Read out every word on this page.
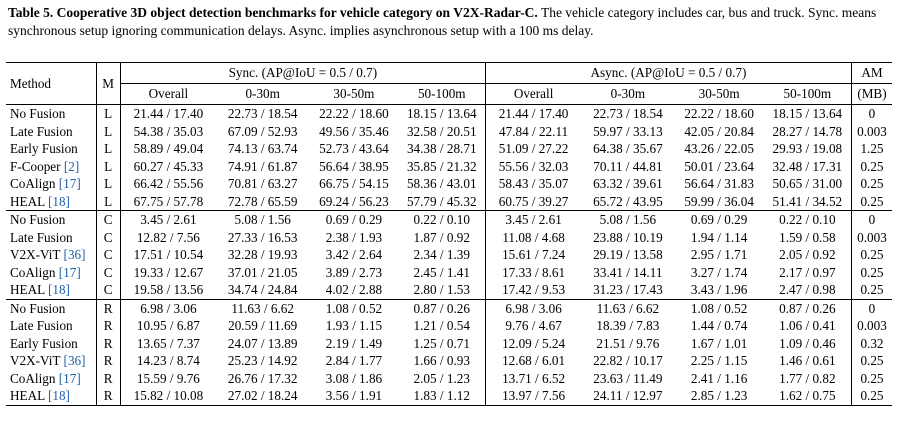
Table 5. Cooperative 3D object detection benchmarks for vehicle category on V2X-Radar-C. The vehicle category includes car, bus and truck. Sync. means synchronous setup ignoring communication delays. Async. implies asynchronous setup with a 100 ms delay.
Method	M	Sync. (AP@IoU = 0.5 / 0.7)				Async. (AP@IoU = 0.5 / 0.7)				AM
		Overall	0-30m	30-50m	50-100m	Overall	0-30m	30-50m	50-100m	(MB)
No Fusion	L	21.44 / 17.40	22.73 / 18.54	22.22 / 18.60	18.15 / 13.64	21.44 / 17.40	22.73 / 18.54	22.22 / 18.60	18.15 / 13.64	0
Late Fusion	L	54.38 / 35.03	67.09 / 52.93	49.56 / 35.46	32.58 / 20.51	47.84 / 22.11	59.97 / 33.13	42.05 / 20.84	28.27 / 14.78	0.003
Early Fusion	L	58.89 / 49.04	74.13 / 63.74	52.73 / 43.64	34.38 / 28.71	51.09 / 27.22	64.38 / 35.67	43.26 / 22.05	29.93 / 19.08	1.25
F-Cooper [2]	L	60.27 / 45.33	74.91 / 61.87	56.64 / 38.95	35.85 / 21.32	55.56 / 32.03	70.11 / 44.81	50.01 / 23.64	32.48 / 17.31	0.25
CoAlign [17]	L	66.42 / 55.56	70.81 / 63.27	66.75 / 54.15	58.36 / 43.01	58.43 / 35.07	63.32 / 39.61	56.64 / 31.83	50.65 / 31.00	0.25
HEAL [18]	L	67.75 / 57.78	72.78 / 65.59	69.24 / 56.23	57.79 / 45.32	60.75 / 39.27	65.72 / 43.95	59.99 / 36.04	51.41 / 34.52	0.25
No Fusion	C	3.45 / 2.61	5.08 / 1.56	0.69 / 0.29	0.22 / 0.10	3.45 / 2.61	5.08 / 1.56	0.69 / 0.29	0.22 / 0.10	0
Late Fusion	C	12.82 / 7.56	27.33 / 16.53	2.38 / 1.93	1.87 / 0.92	11.08 / 4.68	23.88 / 10.19	1.94 / 1.14	1.59 / 0.58	0.003
V2X-ViT [36]	C	17.51 / 10.54	32.28 / 19.93	3.42 / 2.64	2.34 / 1.39	15.61 / 7.24	29.19 / 13.58	2.95 / 1.71	2.05 / 0.92	0.25
CoAlign [17]	C	19.33 / 12.67	37.01 / 21.05	3.89 / 2.73	2.45 / 1.41	17.33 / 8.61	33.41 / 14.11	3.27 / 1.74	2.17 / 0.97	0.25
HEAL [18]	C	19.58 / 13.56	34.74 / 24.84	4.02 / 2.88	2.80 / 1.53	17.42 / 9.53	31.23 / 17.43	3.43 / 1.96	2.47 / 0.98	0.25
No Fusion	R	6.98 / 3.06	11.63 / 6.62	1.08 / 0.52	0.87 / 0.26	6.98 / 3.06	11.63 / 6.62	1.08 / 0.52	0.87 / 0.26	0
Late Fusion	R	10.95 / 6.87	20.59 / 11.69	1.93 / 1.15	1.21 / 0.54	9.76 / 4.67	18.39 / 7.83	1.44 / 0.74	1.06 / 0.41	0.003
Early Fusion	R	13.65 / 7.37	24.07 / 13.89	2.19 / 1.49	1.25 / 0.71	12.09 / 5.24	21.51 / 9.76	1.67 / 1.01	1.09 / 0.46	0.32
V2X-ViT [36]	R	14.23 / 8.74	25.23 / 14.92	2.84 / 1.77	1.66 / 0.93	12.68 / 6.01	22.82 / 10.17	2.25 / 1.15	1.46 / 0.61	0.25
CoAlign [17]	R	15.59 / 9.76	26.76 / 17.32	3.08 / 1.86	2.05 / 1.23	13.71 / 6.52	23.63 / 11.49	2.41 / 1.16	1.77 / 0.82	0.25
HEAL [18]	R	15.82 / 10.08	27.02 / 18.24	3.56 / 1.91	1.83 / 1.12	13.97 / 7.56	24.11 / 12.97	2.85 / 1.23	1.62 / 0.75	0.25
